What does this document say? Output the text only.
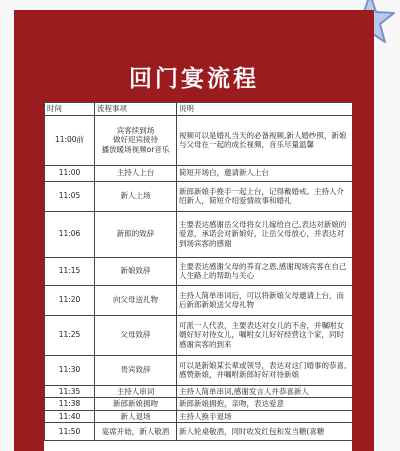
回门宴流程
时间	流程事项	说明
11:00前	宾客续到场
做好迎宾接待
播放暖场视频or音乐	视频可以是婚礼当天的必备视频,新人婚纱照，新娘与父母在一起的成长视频，音乐尽量温馨
11:00	主持人上台	简短开场白，邀请新人上台
11:05	新人上场	新郎新娘手挽手一起上台，记得戴婚戒。主持人介绍新人，简短介绍爱情故事和婚礼
11:06	新郎的致辞	主要表达感谢岳父母将女儿嫁给自己,表达对新娘的爱意，承诺会对新娘好，让岳父母放心，并表达对到场宾客的感谢
11:15	新娘致辞	主要表达感谢父母的养育之恩,感谢现场宾客在自己人生路上的帮助与关心
11:20	向父母送礼物	主持人简单串词后，可以将新娘父母邀请上台，而后新郎新娘送父母礼物
11:25	父母致辞	可派一人代表，主要表达对女儿的不舍，并嘱咐女婿好好对待女儿，嘱咐女儿好好经营这个家，同时感谢宾客的到来
11:30	贵宾致辞	可以是新娘某长辈或领导，表达对这门婚事的恭喜,感赞新娘，并嘱咐新郎好好对待新娘
11:35	主持人串词	主持人简单串词,感谢发言人并恭喜新人
11:38	新郎新娘拥吻	新郎新娘拥抱，亲吻，表达爱意
11:40	新人退场	主持人换手退场
11:50	宴席开始，新人敬酒	新人轮桌敬酒，同时收发红包和发当糖(喜糖
